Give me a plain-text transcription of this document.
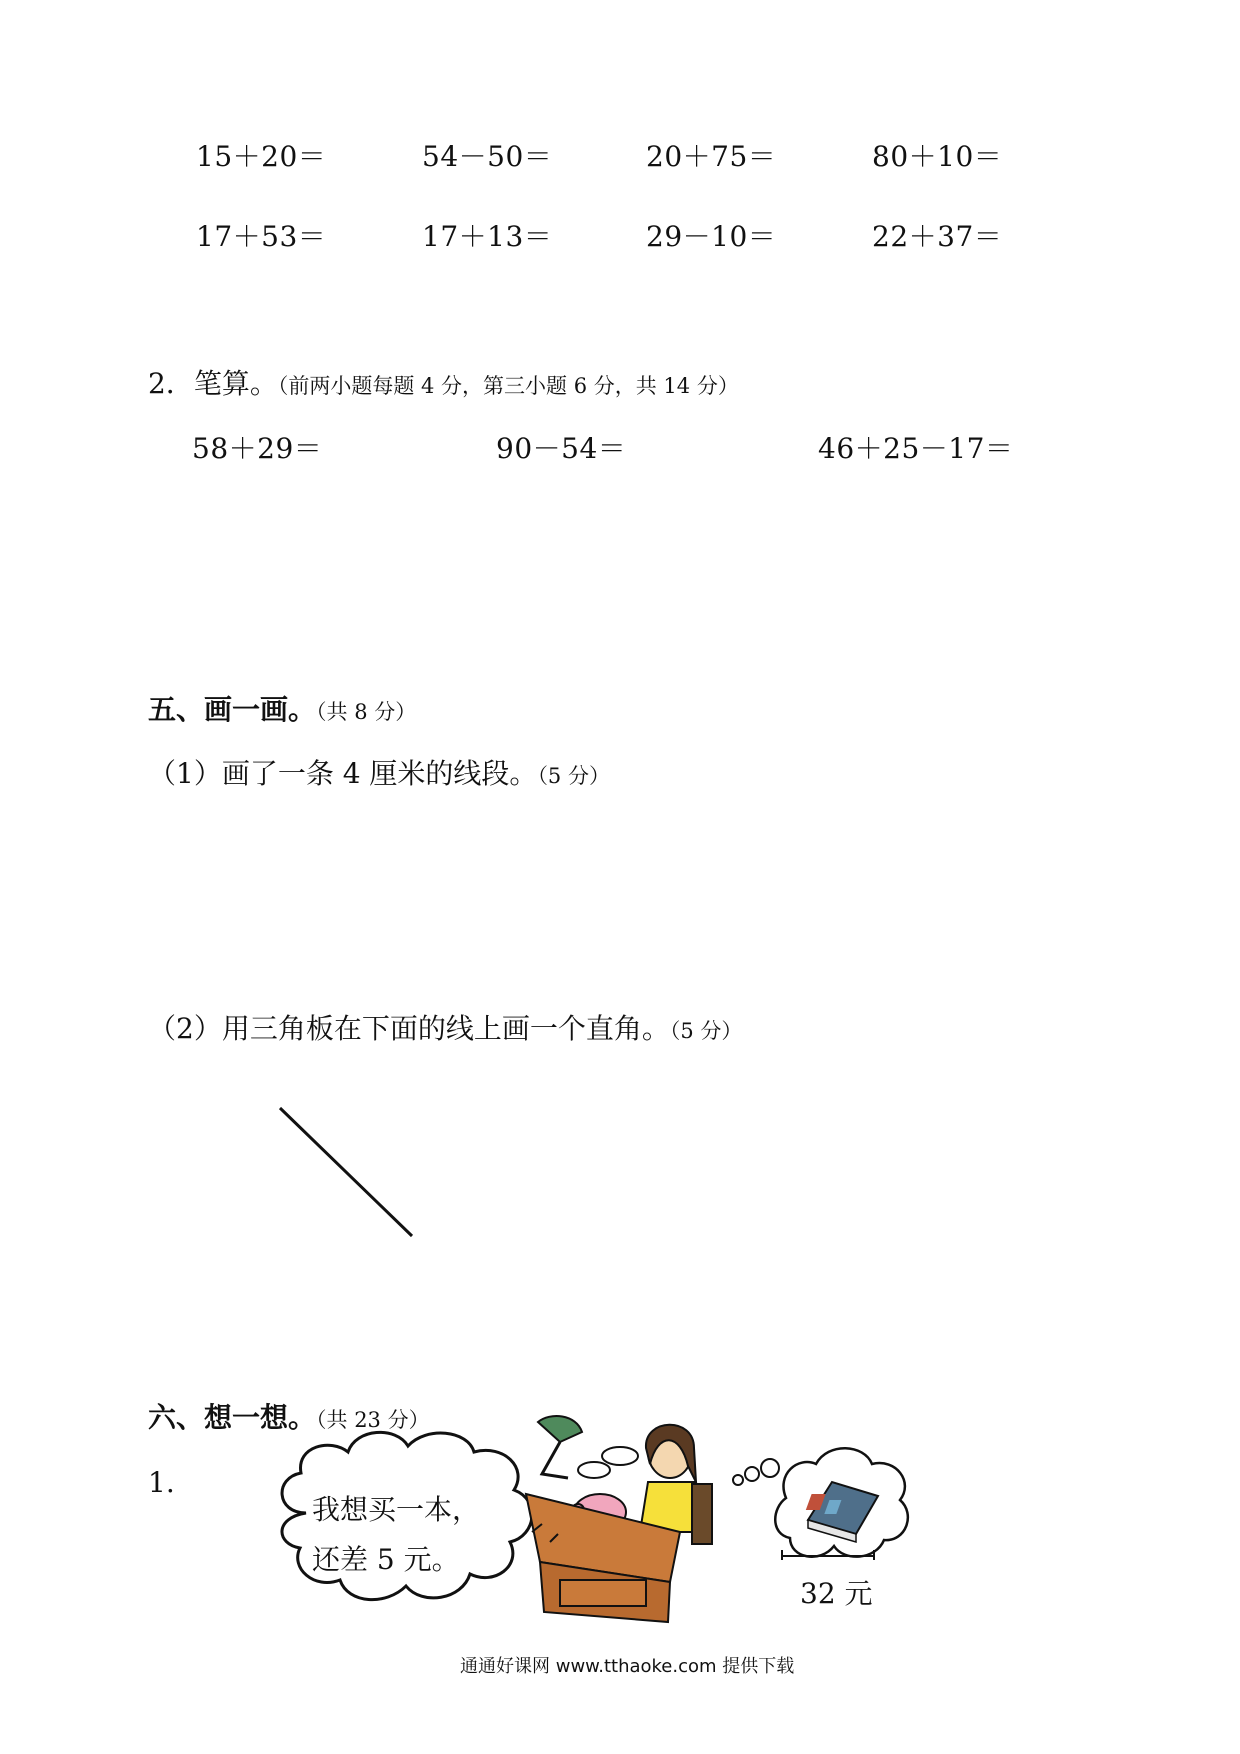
15＋20＝	54－50＝	20＋75＝	80＋10＝
17＋53＝	17＋13＝	29－10＝	22＋37＝
2．笔算。（前两小题每题 4 分，第三小题 6 分，共 14 分）
58＋29＝	90－54＝	46＋25－17＝
五、画一画。（共 8 分）
（1）画了一条 4 厘米的线段。（5 分）
（2）用三角板在下面的线上画一个直角。（5 分）
六、想一想。（共 23 分）
1.
我想买一本，
还差 5 元。
32 元
通通好课网 www.tthaoke.com 提供下载
